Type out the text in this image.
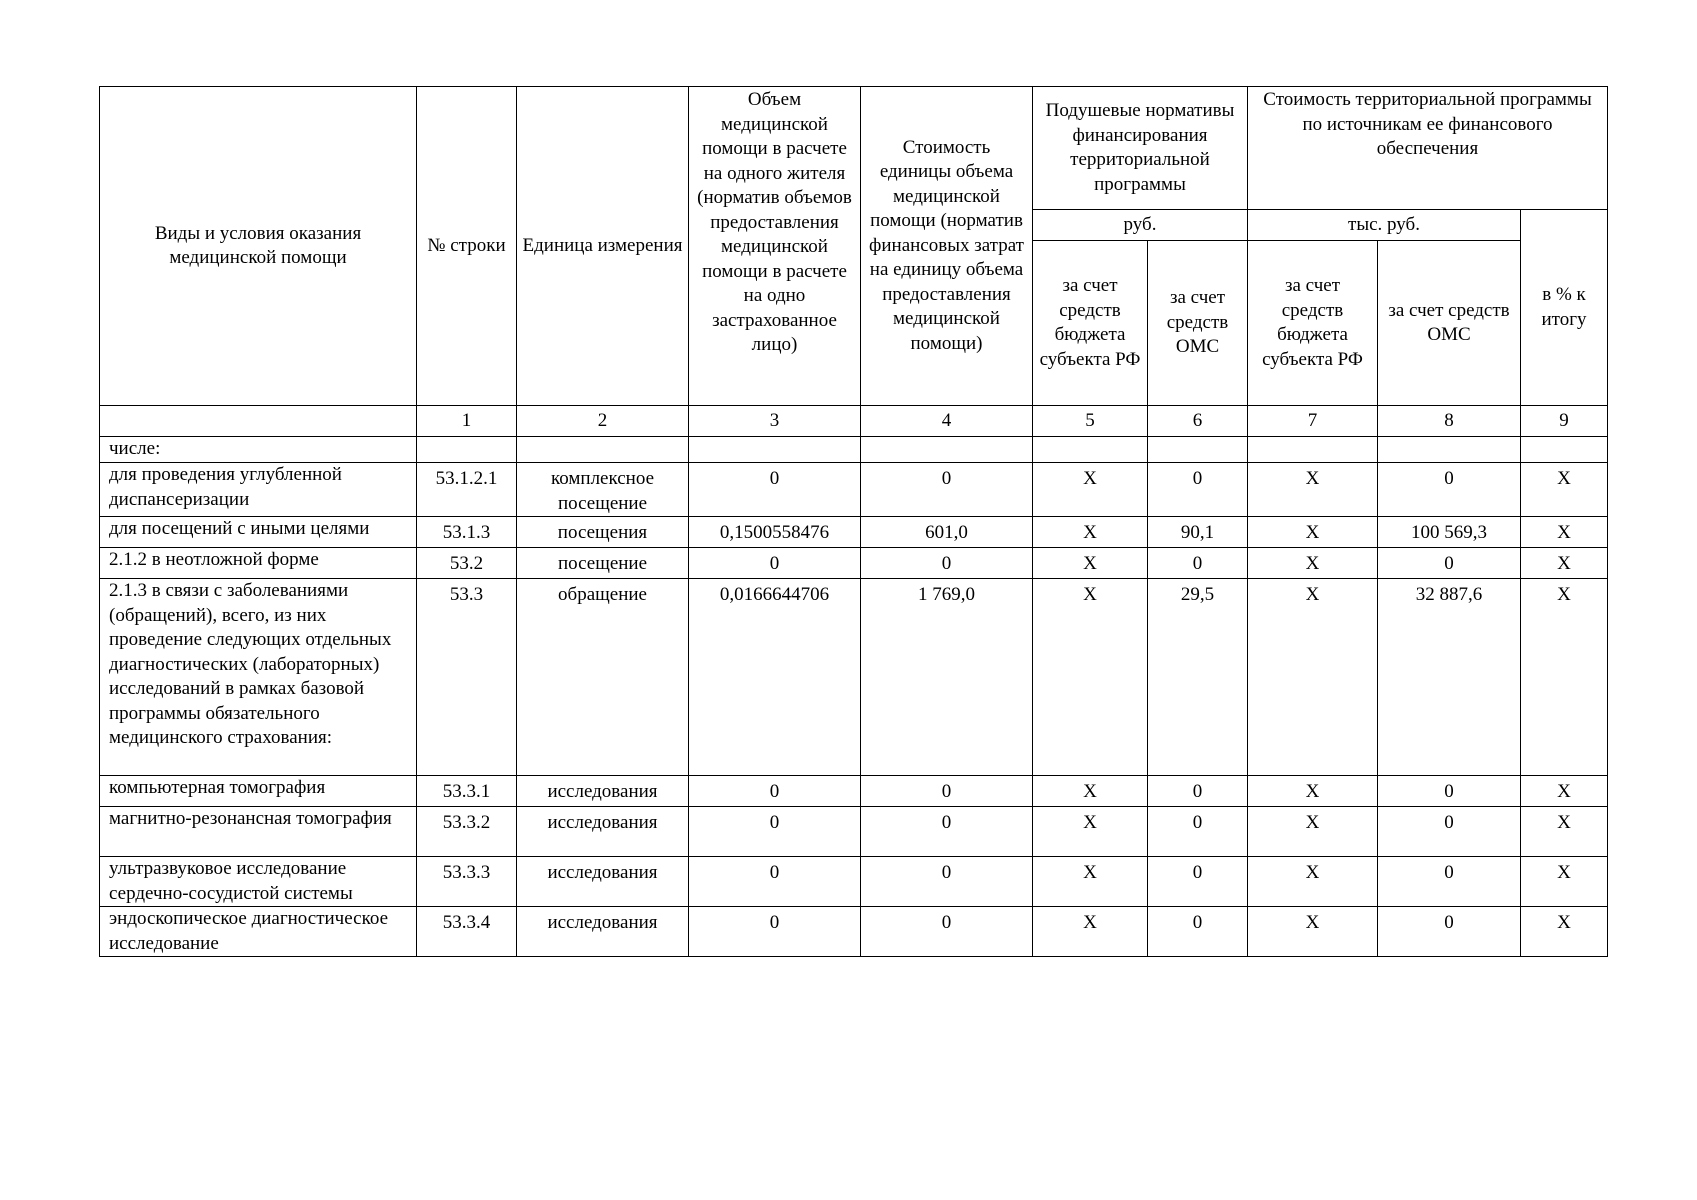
Виды и условия оказания медицинской помощи	№ строки	Единица измерения	Объем медицинской помощи в расчете на одного жителя (норматив объемов предоставления медицинской помощи в расчете на одно застрахованное лицо)	Стоимость единицы объема медицинской помощи (норматив финансовых затрат на единицу объема предоставления медицинской помощи)	Подушевые нормативы финансирования территориальной программы		Стоимость территориальной программы по источникам ее финансового обеспечения		
					руб.		тыс. руб.		в % к итогу
					за счет средств бюджета субъекта РФ	за счет средств ОМС	за счет средств бюджета субъекта РФ	за счет средств ОМС	
	1	2	3	4	5	6	7	8	9
числе:									
для проведения углубленной диспансеризации	53.1.2.1	комплексное посещение	0	0	X	0	X	0	X
для посещений с иными целями	53.1.3	посещения	0,1500558476	601,0	X	90,1	X	100 569,3	X
2.1.2 в неотложной форме	53.2	посещение	0	0	X	0	X	0	X
2.1.3 в связи с заболеваниями (обращений), всего, из них проведение следующих отдельных диагностических (лабораторных) исследований в рамках базовой программы обязательного медицинского страхования:	53.3	обращение	0,0166644706	1 769,0	X	29,5	X	32 887,6	X
компьютерная томография	53.3.1	исследования	0	0	X	0	X	0	X
магнитно-резонансная томография	53.3.2	исследования	0	0	X	0	X	0	X
ультразвуковое исследование сердечно-сосудистой системы	53.3.3	исследования	0	0	X	0	X	0	X
эндоскопическое диагностическое исследование	53.3.4	исследования	0	0	X	0	X	0	X
